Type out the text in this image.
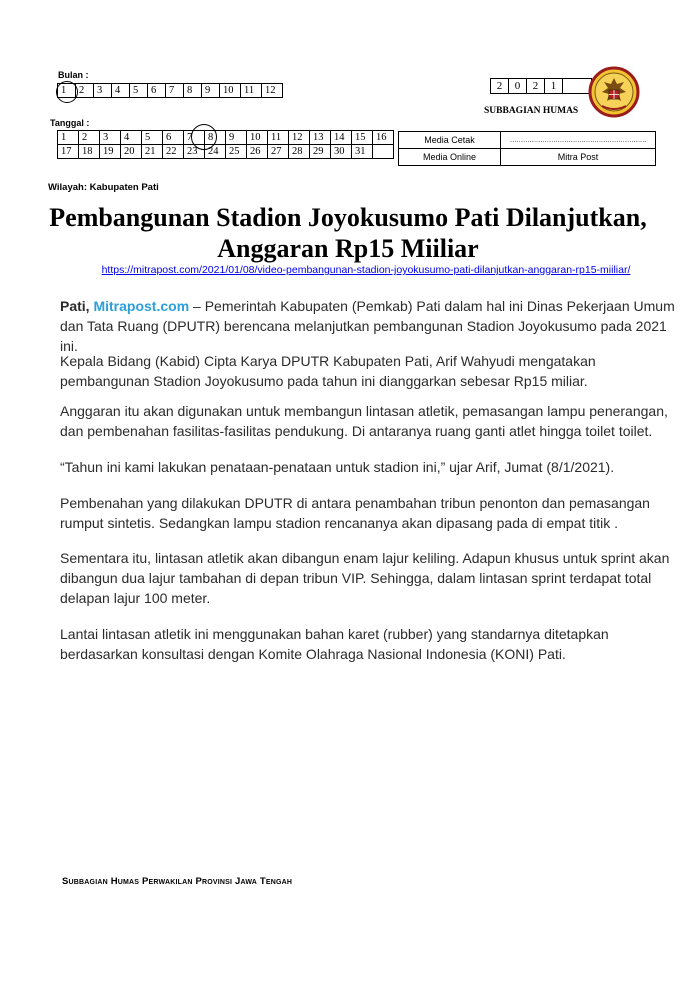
Bulan :
1	2	3	4	5	6	7	8	9	10	11	12
Tanggal :
1	2	3	4	5	6	7	8	9	10	11	12	13	14	15	16
17	18	19	20	21	22	23	24	25	26	27	28	29	30	31	
2	0	2	1	
SUBBAGIAN HUMAS
Media Cetak	………………………………………………………
Media Online	Mitra Post
Wilayah: Kabupaten Pati
Pembangunan Stadion Joyokusumo Pati Dilanjutkan,
Anggaran Rp15 Miiliar
https://mitrapost.com/2021/01/08/video-pembangunan-stadion-joyokusumo-pati-dilanjutkan-anggaran-rp15-miiliar/
Pati, Mitrapost.com – Pemerintah Kabupaten (Pemkab) Pati dalam hal ini Dinas Pekerjaan Umum dan Tata Ruang (DPUTR) berencana melanjutkan pembangunan Stadion Joyokusumo pada 2021 ini.
Kepala Bidang (Kabid) Cipta Karya DPUTR Kabupaten Pati, Arif Wahyudi mengatakan pembangunan Stadion Joyokusumo pada tahun ini dianggarkan sebesar Rp15 miliar.
Anggaran itu akan digunakan untuk membangun lintasan atletik, pemasangan lampu penerangan, dan pembenahan fasilitas-fasilitas pendukung. Di antaranya ruang ganti atlet hingga toilet toilet.
“Tahun ini kami lakukan penataan-penataan untuk stadion ini,” ujar Arif, Jumat (8/1/2021).
Pembenahan yang dilakukan DPUTR di antara penambahan tribun penonton dan pemasangan rumput sintetis. Sedangkan lampu stadion rencananya akan dipasang pada di empat titik .
Sementara itu, lintasan atletik akan dibangun enam lajur keliling. Adapun khusus untuk sprint akan dibangun dua lajur tambahan di depan tribun VIP. Sehingga, dalam lintasan sprint terdapat total delapan lajur 100 meter.
Lantai lintasan atletik ini menggunakan bahan karet (rubber) yang standarnya ditetapkan berdasarkan konsultasi dengan Komite Olahraga Nasional Indonesia (KONI) Pati.
Subbagian Humas Perwakilan Provinsi Jawa Tengah
